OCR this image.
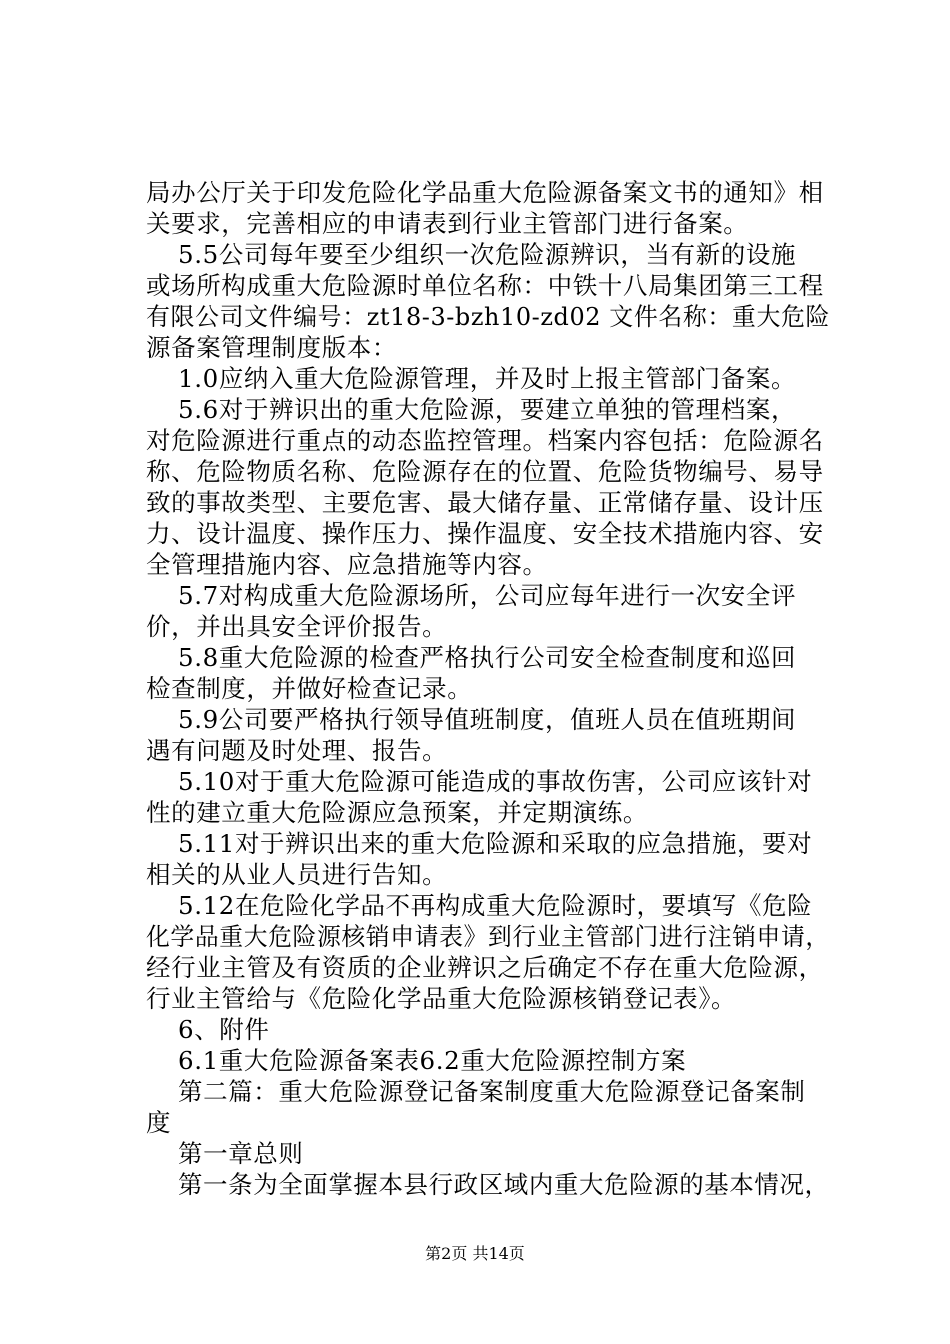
局办公厅关于印发危险化学品重大危险源备案文书的通知》相
关要求，完善相应的申请表到行业主管部门进行备案。
5.5公司每年要至少组织一次危险源辨识，当有新的设施
或场所构成重大危险源时单位名称：中铁十八局集团第三工程
有限公司文件编号：zt18-3-bzh10-zd02 文件名称：重大危险
源备案管理制度版本：
1.0应纳入重大危险源管理，并及时上报主管部门备案。
5.6对于辨识出的重大危险源，要建立单独的管理档案，
对危险源进行重点的动态监控管理。档案内容包括：危险源名
称、危险物质名称、危险源存在的位置、危险货物编号、易导
致的事故类型、主要危害、最大储存量、正常储存量、设计压
力、设计温度、操作压力、操作温度、安全技术措施内容、安
全管理措施内容、应急措施等内容。
5.7对构成重大危险源场所，公司应每年进行一次安全评
价，并出具安全评价报告。
5.8重大危险源的检查严格执行公司安全检查制度和巡回
检查制度，并做好检查记录。
5.9公司要严格执行领导值班制度，值班人员在值班期间
遇有问题及时处理、报告。
5.10对于重大危险源可能造成的事故伤害，公司应该针对
性的建立重大危险源应急预案，并定期演练。
5.11对于辨识出来的重大危险源和采取的应急措施，要对
相关的从业人员进行告知。
5.12在危险化学品不再构成重大危险源时，要填写《危险
化学品重大危险源核销申请表》到行业主管部门进行注销申请，
经行业主管及有资质的企业辨识之后确定不存在重大危险源，
行业主管给与《危险化学品重大危险源核销登记表》。
6、附件
6.1重大危险源备案表6.2重大危险源控制方案
第二篇：重大危险源登记备案制度重大危险源登记备案制
度
第一章总则
第一条为全面掌握本县行政区域内重大危险源的基本情况，
第2页 共14页
